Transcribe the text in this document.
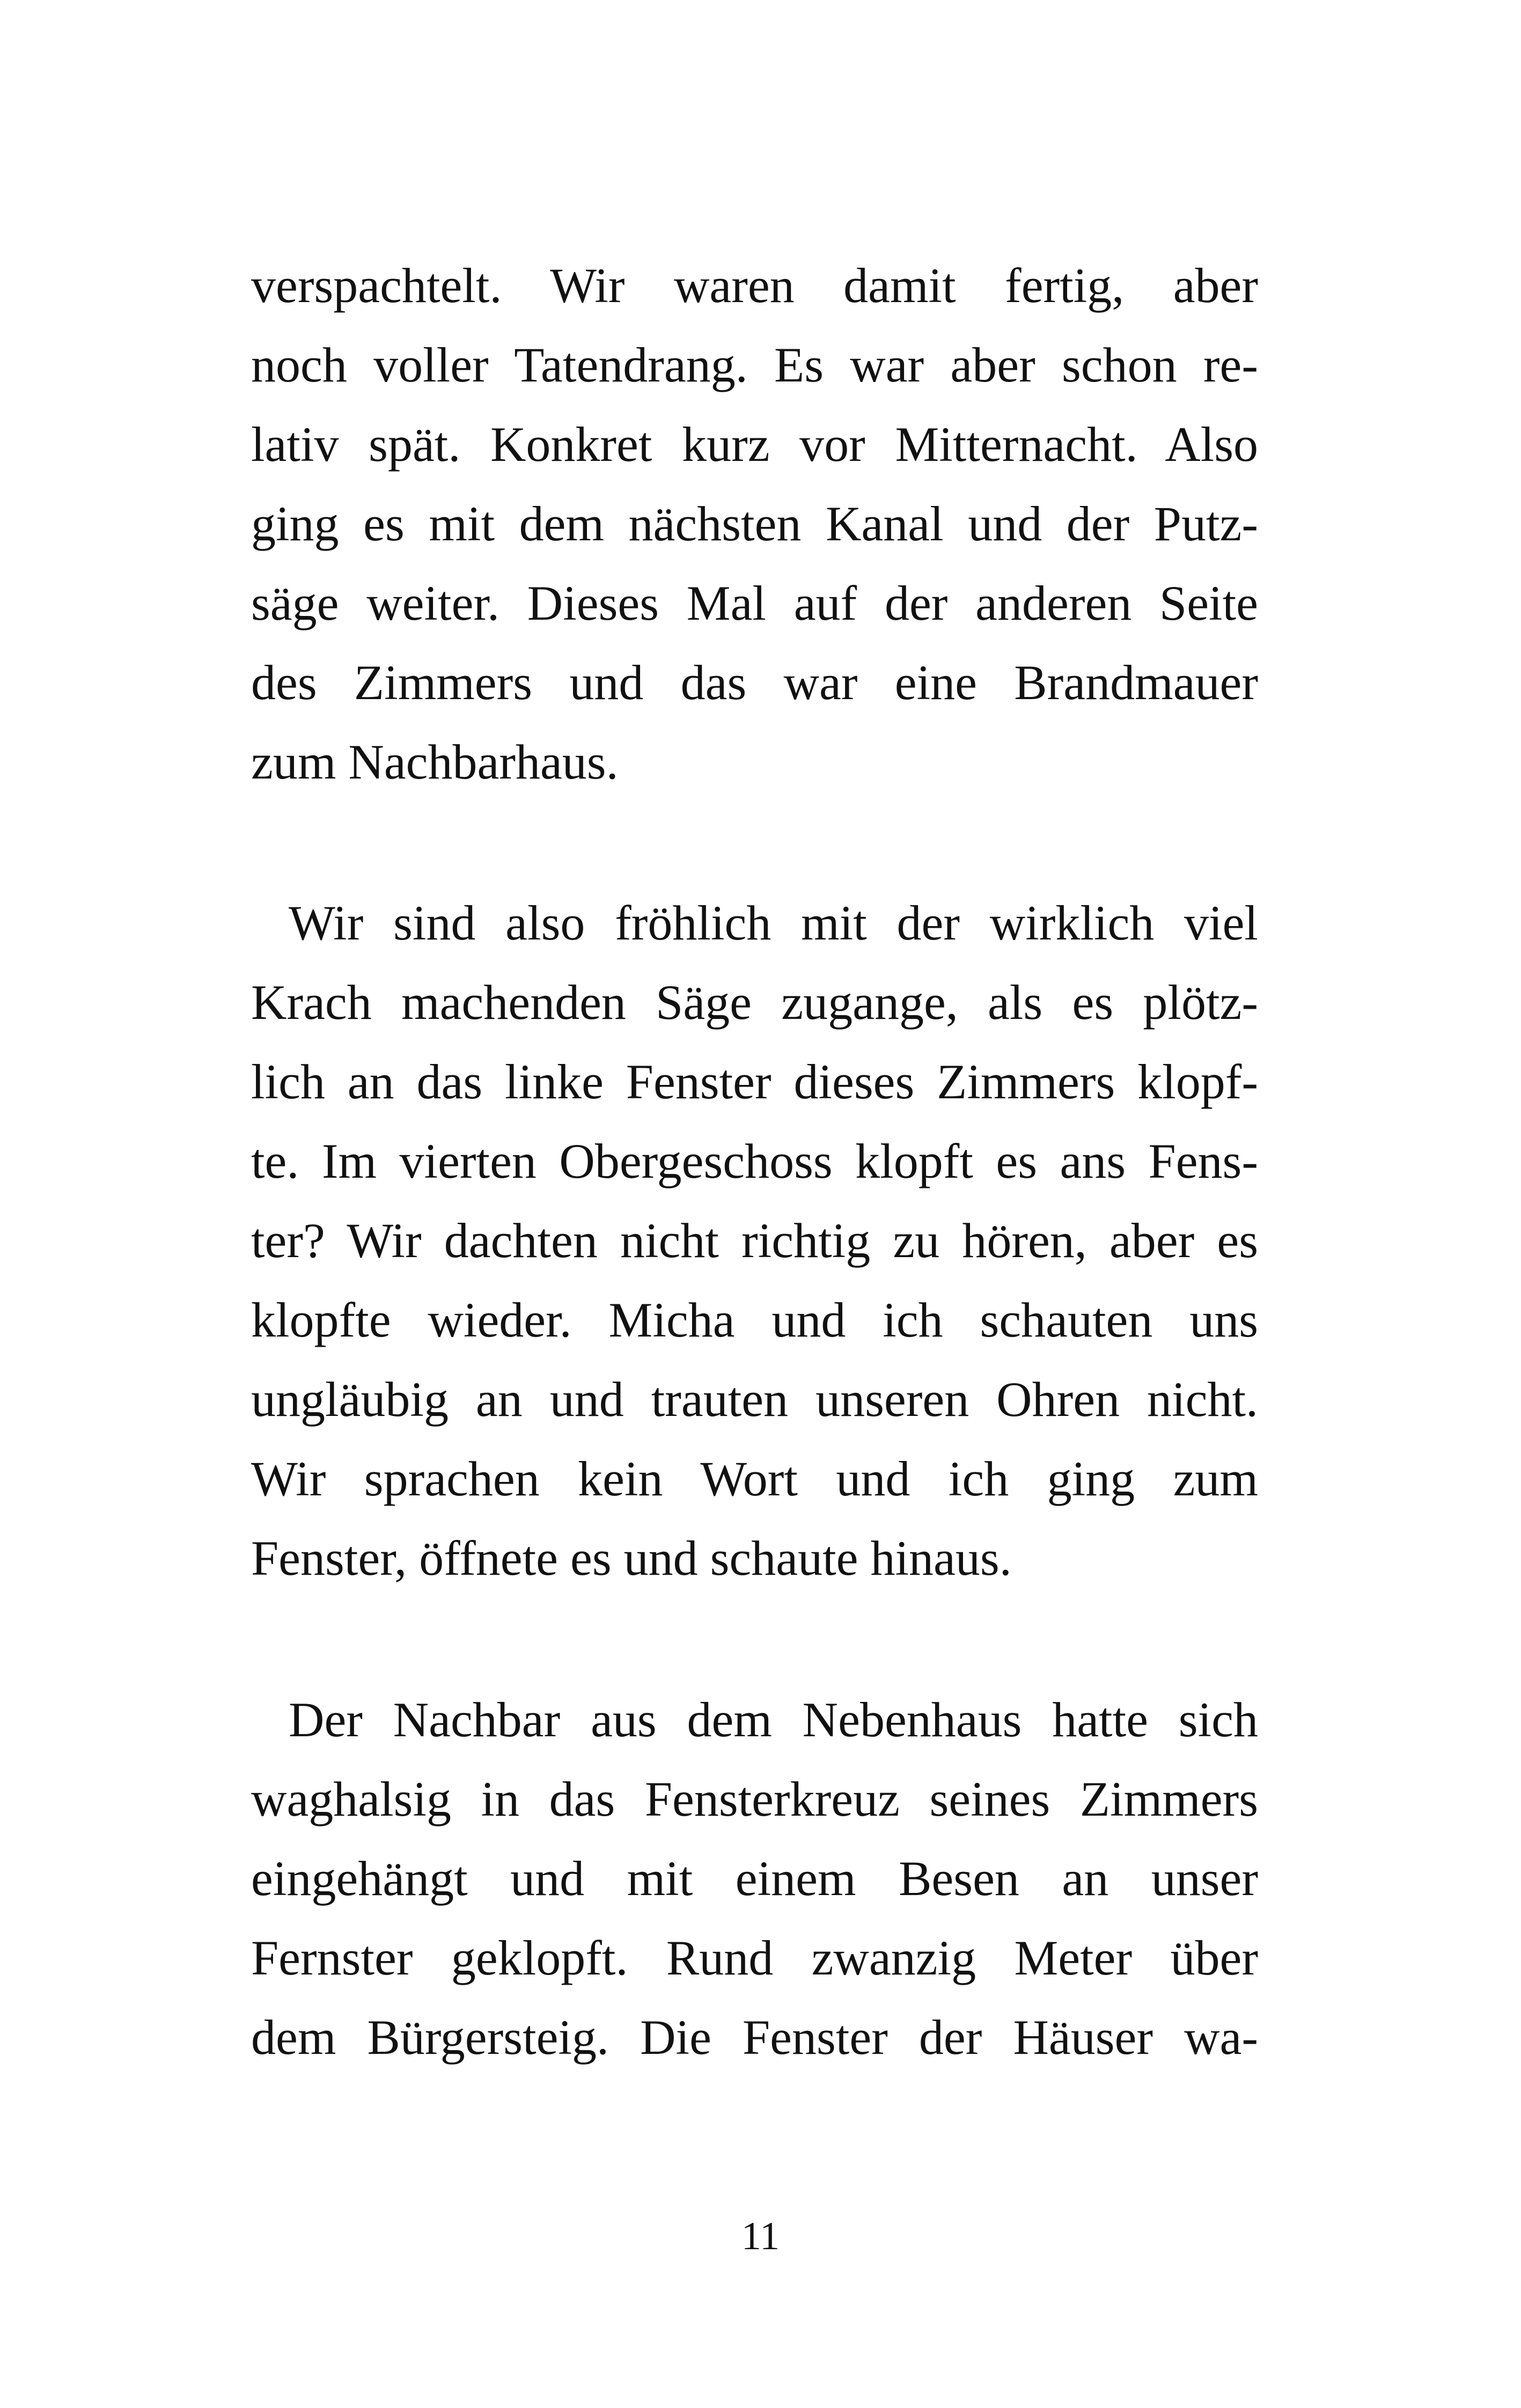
verspachtelt. Wir waren damit fertig, aber
noch voller Tatendrang. Es war aber schon re-
lativ spät. Konkret kurz vor Mitternacht. Also
ging es mit dem nächsten Kanal und der Putz-
säge weiter. Dieses Mal auf der anderen Seite
des Zimmers und das war eine Brandmauer
zum Nachbarhaus.
Wir sind also fröhlich mit der wirklich viel
Krach machenden Säge zugange, als es plötz-
lich an das linke Fenster dieses Zimmers klopf-
te. Im vierten Obergeschoss klopft es ans Fens-
ter? Wir dachten nicht richtig zu hören, aber es
klopfte wieder. Micha und ich schauten uns
ungläubig an und trauten unseren Ohren nicht.
Wir sprachen kein Wort und ich ging zum
Fenster, öffnete es und schaute hinaus.
Der Nachbar aus dem Nebenhaus hatte sich
waghalsig in das Fensterkreuz seines Zimmers
eingehängt und mit einem Besen an unser
Fernster geklopft. Rund zwanzig Meter über
dem Bürgersteig. Die Fenster der Häuser wa-
11
